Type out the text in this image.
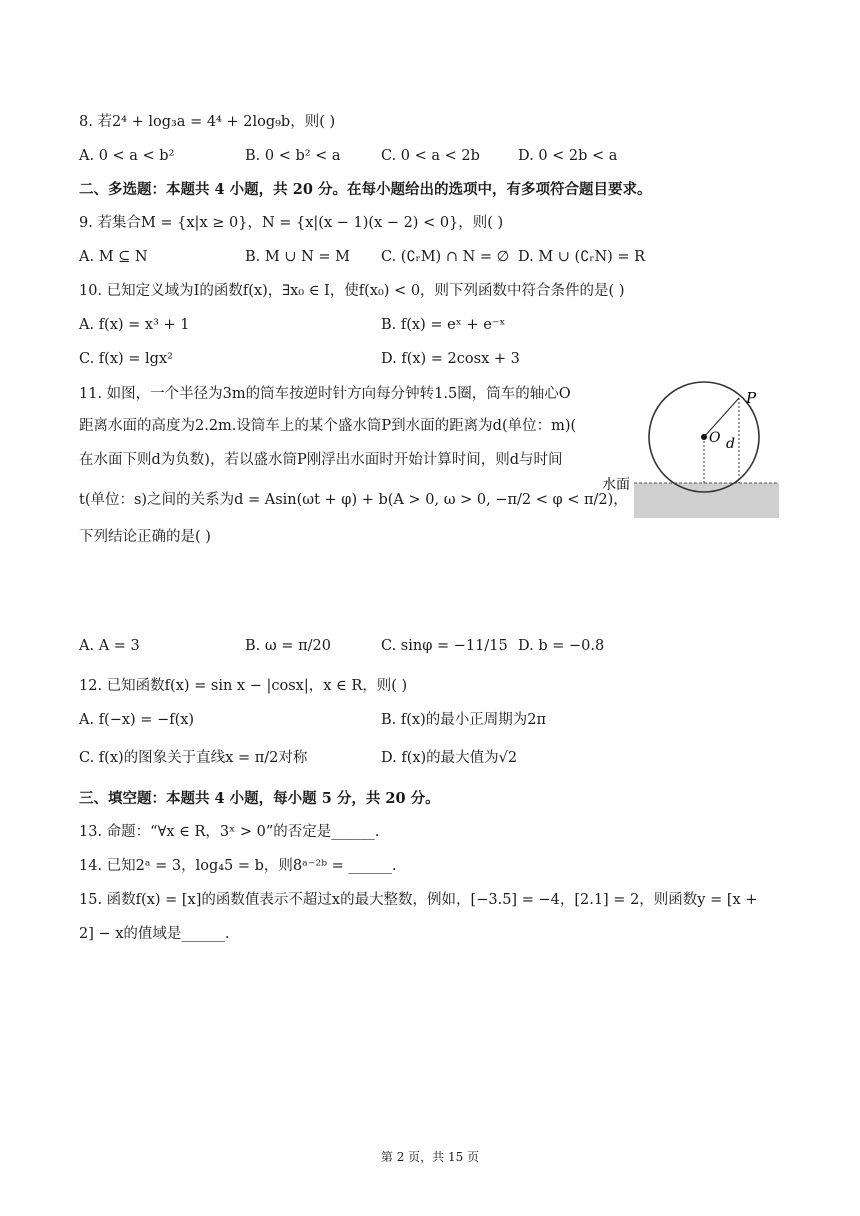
8. 若2⁴ + log₃a = 4⁴ + 2log₉b，则( )
A. 0 < a < b²	B. 0 < b² < a	C. 0 < a < 2b	D. 0 < 2b < a
二、多选题：本题共 4 小题，共 20 分。在每小题给出的选项中，有多项符合题目要求。
9. 若集合M = {x|x ≥ 0}，N = {x|(x − 1)(x − 2) < 0}，则( )
A. M ⊆ N	B. M ∪ N = M C. (∁ᵣM) ∩ N = ∅ D. M ∪ (∁ᵣN) = R
10. 已知定义域为I的函数f(x)，∃x₀ ∈ I，使f(x₀) < 0，则下列函数中符合条件的是( )
A. f(x) = x³ + 1	B. f(x) = eˣ + e⁻ˣ
C. f(x) = lgx²	D. f(x) = 2cosx + 3
11. 如图，一个半径为3m的筒车按逆时针方向每分钟转1.5圈，筒车的轴心O
距离水面的高度为2.2m.设筒车上的某个盛水筒P到水面的距离为d(单位：m)(
在水面下则d为负数)，若以盛水筒P刚浮出水面时开始计算时间，则d与时间
t(单位：s)之间的关系为d = Asin(ωt + φ) + b(A > 0, ω > 0, −π/2 < φ < π/2)，
下列结论正确的是( )
P
O d
水面
A. A = 3	B. ω = π/20	C. sinφ = −11/15 D. b = −0.8
12. 已知函数f(x) = sin x − |cosx|，x ∈ R，则( )
A. f(−x) = −f(x)	B. f(x)的最小正周期为2π
C. f(x)的图象关于直线x = π/2对称	D. f(x)的最大值为√2
三、填空题：本题共 4 小题，每小题 5 分，共 20 分。
13. 命题：“∀x ∈ R，3ˣ > 0”的否定是______.
14. 已知2ᵃ = 3，log₄5 = b，则8ᵃ⁻²ᵇ = ______.
15. 函数f(x) = [x]的函数值表示不超过x的最大整数，例如，[−3.5] = −4，[2.1] = 2，则函数y = [x +
2] − x的值域是______.
第 2 页，共 15 页
